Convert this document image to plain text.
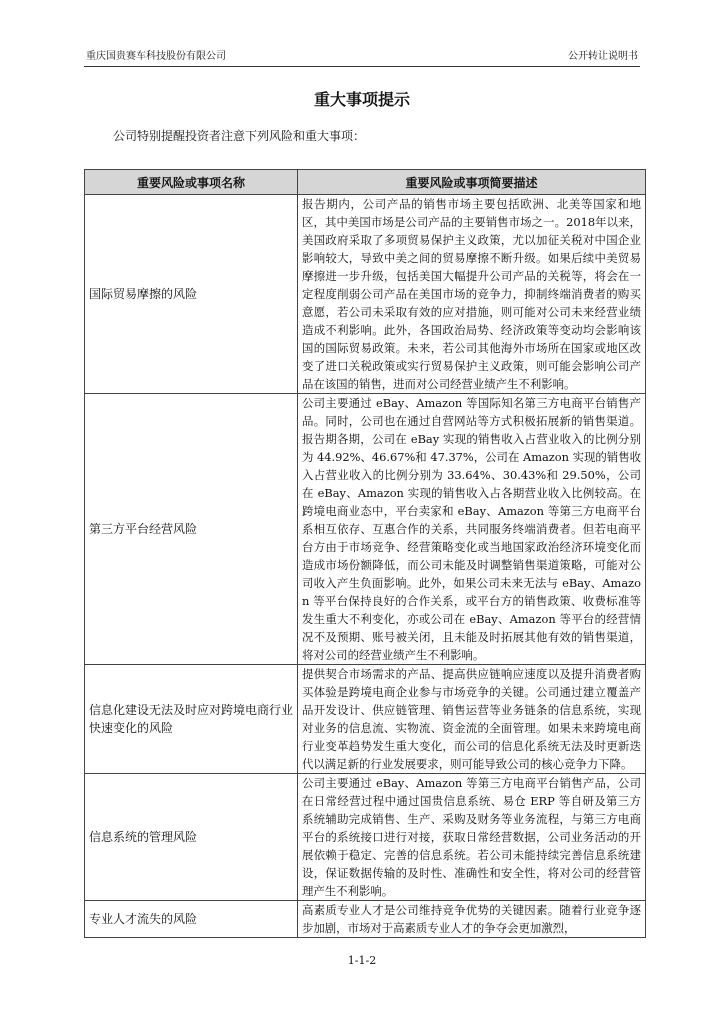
重庆国贵赛车科技股份有限公司	公开转让说明书
重大事项提示
公司特别提醒投资者注意下列风险和重大事项：
重要风险或事项名称	重要风险或事项简要描述
国际贸易摩擦的风险	报告期内，公司产品的销售市场主要包括欧洲、北美等国家和地区，其中美国市场是公司产品的主要销售市场之一。2018年以来，美国政府采取了多项贸易保护主义政策，尤以加征关税对中国企业影响较大，导致中美之间的贸易摩擦不断升级。如果后续中美贸易摩擦进一步升级，包括美国大幅提升公司产品的关税等，将会在一定程度削弱公司产品在美国市场的竞争力，抑制终端消费者的购买意愿，若公司未采取有效的应对措施，则可能对公司未来经营业绩造成不利影响。此外，各国政治局势、经济政策等变动均会影响该国的国际贸易政策。未来，若公司其他海外市场所在国家或地区改变了进口关税政策或实行贸易保护主义政策，则可能会影响公司产品在该国的销售，进而对公司经营业绩产生不利影响。
第三方平台经营风险	公司主要通过 eBay、Amazon 等国际知名第三方电商平台销售产品。同时，公司也在通过自营网站等方式积极拓展新的销售渠道。报告期各期，公司在 eBay 实现的销售收入占营业收入的比例分别为 44.92%、46.67%和 47.37%，公司在 Amazon 实现的销售收入占营业收入的比例分别为 33.64%、30.43%和 29.50%，公司在 eBay、Amazon 实现的销售收入占各期营业收入比例较高。在跨境电商业态中，平台卖家和 eBay、Amazon 等第三方电商平台系相互依存、互惠合作的关系，共同服务终端消费者。但若电商平台方由于市场竞争、经营策略变化或当地国家政治经济环境变化而造成市场份额降低，而公司未能及时调整销售渠道策略，可能对公司收入产生负面影响。此外，如果公司未来无法与 eBay、Amazon 等平台保持良好的合作关系，或平台方的销售政策、收费标准等发生重大不利变化，亦或公司在 eBay、Amazon 等平台的经营情况不及预期、账号被关闭，且未能及时拓展其他有效的销售渠道，将对公司的经营业绩产生不利影响。
信息化建设无法及时应对跨境电商行业快速变化的风险	提供契合市场需求的产品、提高供应链响应速度以及提升消费者购买体验是跨境电商企业参与市场竞争的关键。公司通过建立覆盖产品开发设计、供应链管理、销售运营等业务链条的信息系统，实现对业务的信息流、实物流、资金流的全面管理。如果未来跨境电商行业变革趋势发生重大变化，而公司的信息化系统无法及时更新迭代以满足新的行业发展要求，则可能导致公司的核心竞争力下降。
信息系统的管理风险	公司主要通过 eBay、Amazon 等第三方电商平台销售产品，公司在日常经营过程中通过国贵信息系统、易仓 ERP 等自研及第三方系统辅助完成销售、生产、采购及财务等业务流程，与第三方电商平台的系统接口进行对接，获取日常经营数据，公司业务活动的开展依赖于稳定、完善的信息系统。若公司未能持续完善信息系统建设，保证数据传输的及时性、准确性和安全性，将对公司的经营管理产生不利影响。
专业人才流失的风险	高素质专业人才是公司维持竞争优势的关键因素。随着行业竞争逐步加剧，市场对于高素质专业人才的争夺会更加激烈，
1-1-2
